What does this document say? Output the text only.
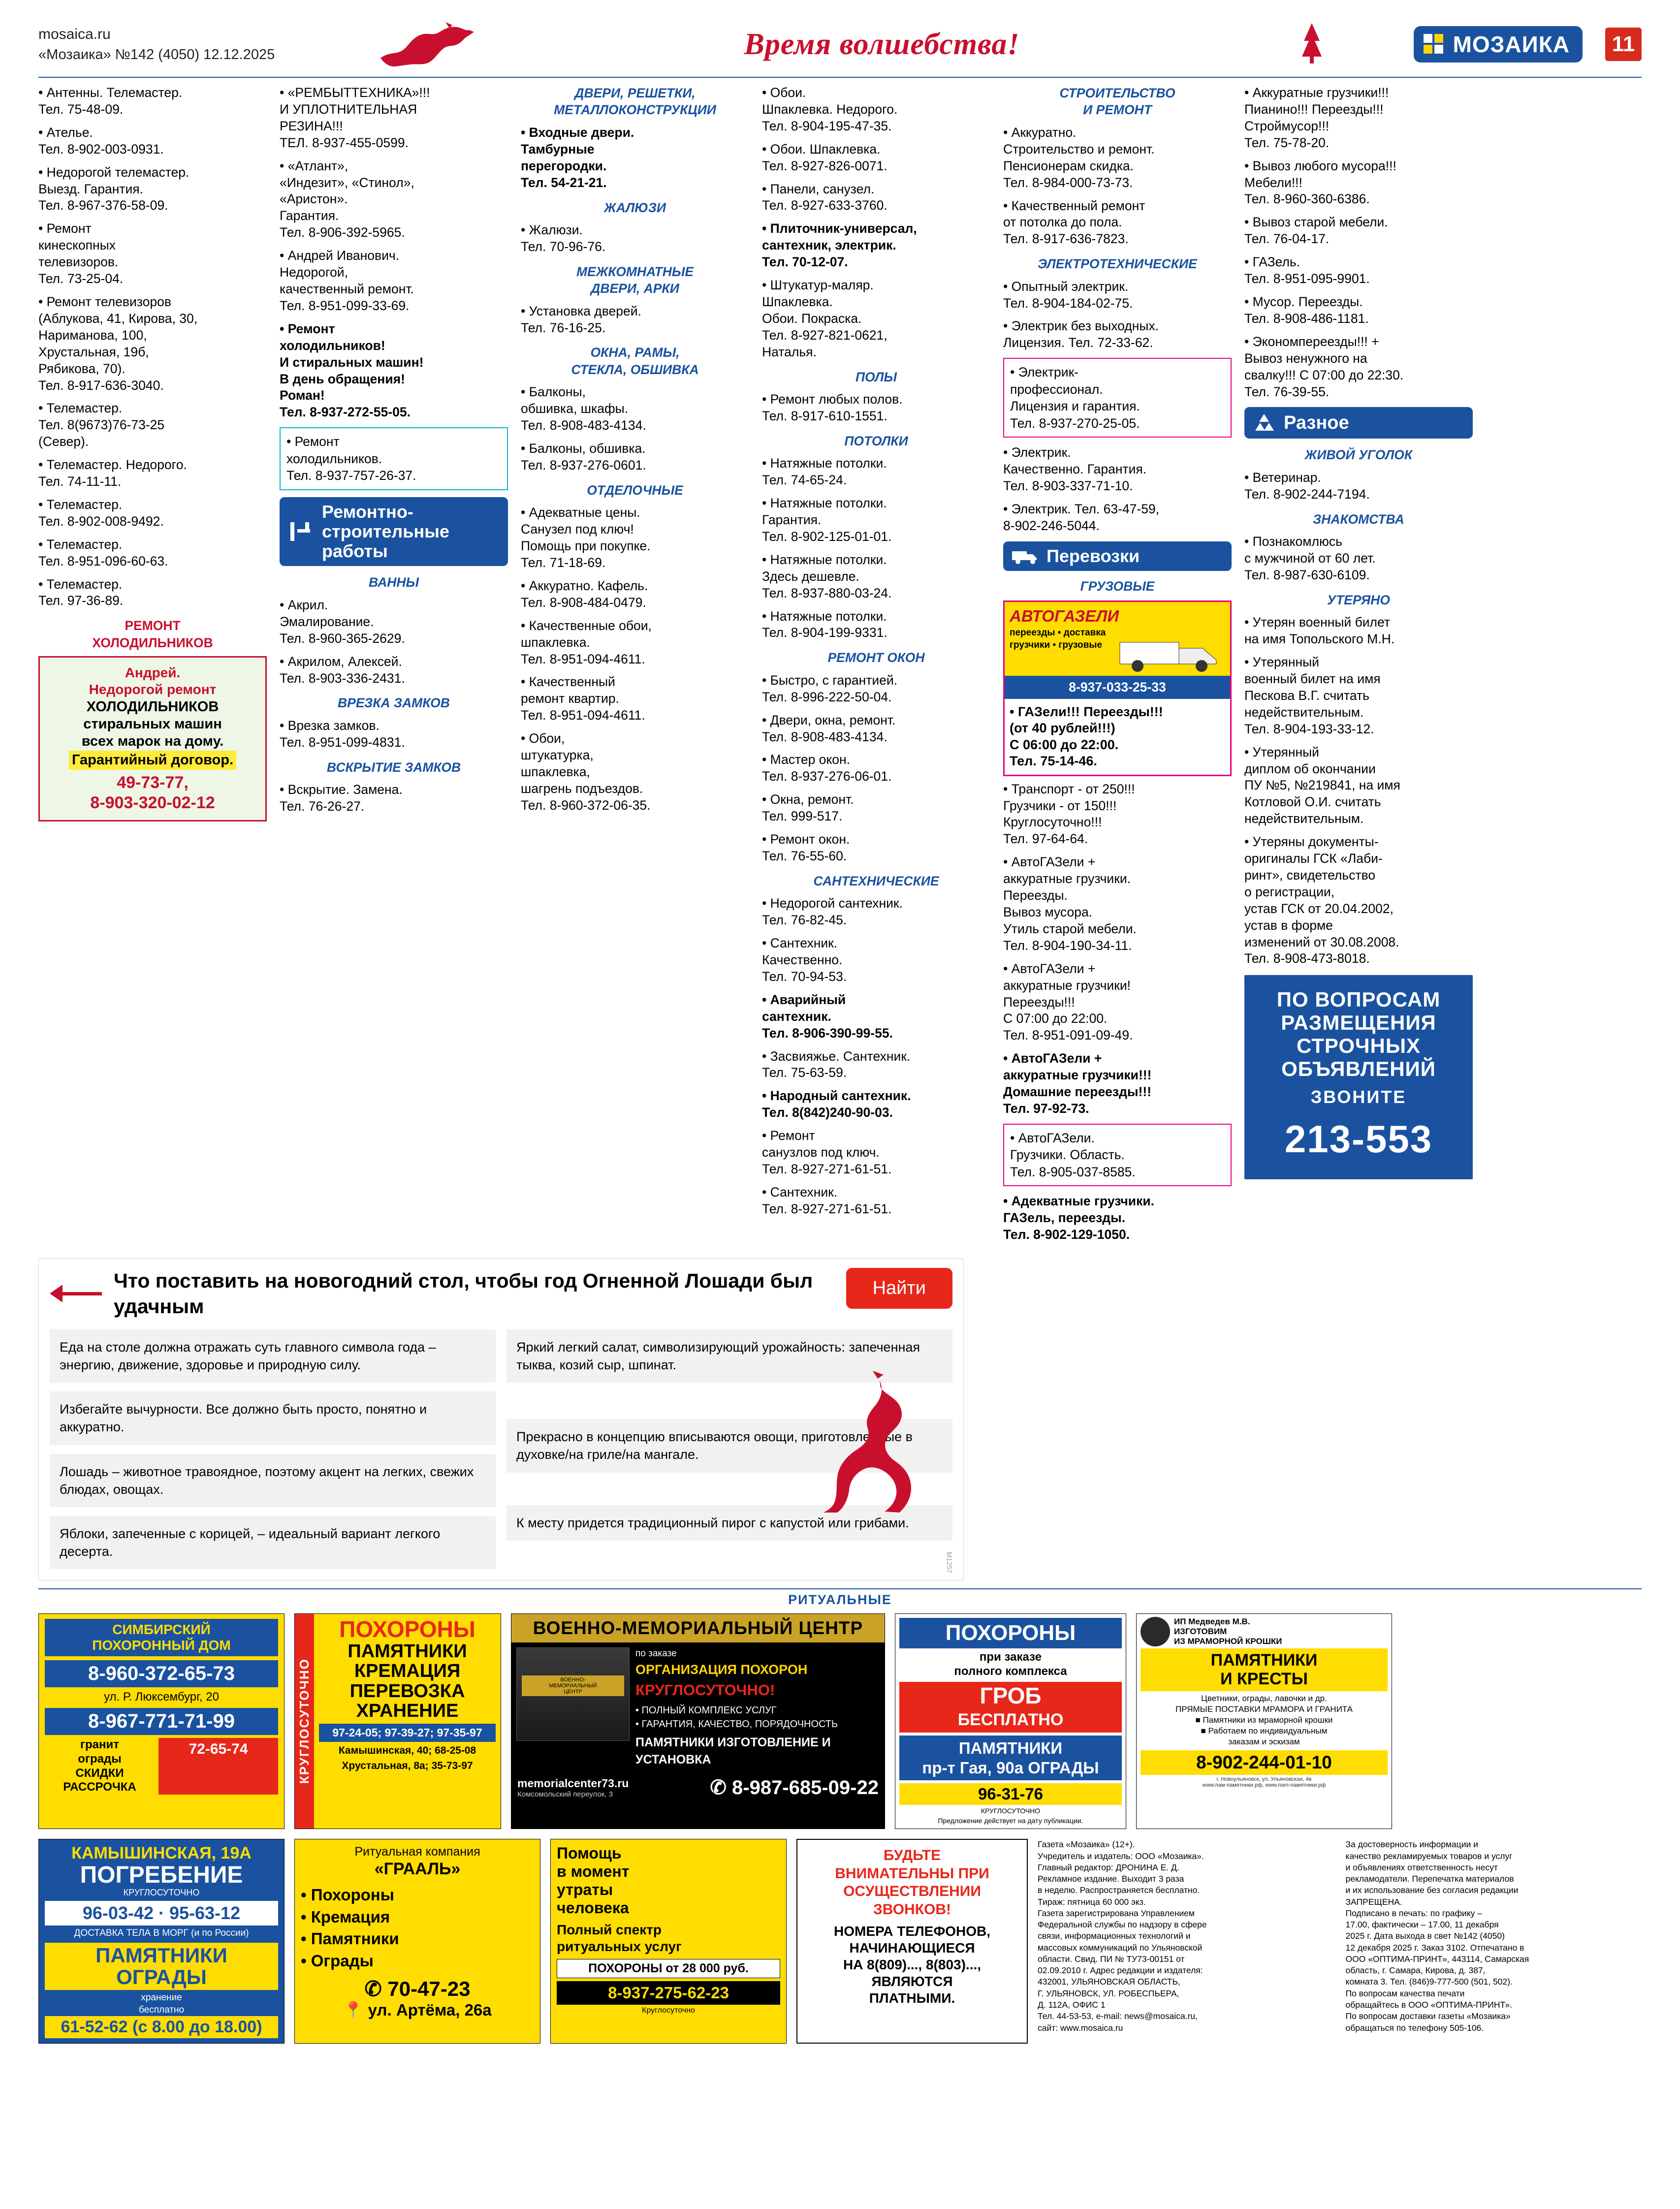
mosaica.ru
«Мозаика» №142 (4050) 12.12.2025	Время волшебства!	МОЗАИКА	11
• Антенны. Телемастер.
Тел. 75-48-09.
• Ателье.
Тел. 8-902-003-0931.
• Недорогой телемастер.
Выезд. Гарантия.
Тел. 8-967-376-58-09.
• Ремонт
кинескопных
телевизоров.
Тел. 73-25-04.
• Ремонт телевизоров
(Аблукова, 41, Кирова, 30,
Нариманова, 100,
Хрустальная, 19б,
Рябикова, 70).
Тел. 8-917-636-3040.
• Телемастер.
Тел. 8(9673)76-73-25
(Север).
• Телемастер. Недорого.
Тел. 74-11-11.
• Телемастер.
Тел. 8-902-008-9492.
• Телемастер.
Тел. 8-951-096-60-63.
• Телемастер.
Тел. 97-36-89.
РЕМОНТ
ХОЛОДИЛЬНИКОВ
Андрей.
Недорогой ремонт
ХОЛОДИЛЬНИКОВ
стиральных машин
всех марок на дому.
Гарантийный договор.
49-73-77,
8-903-320-02-12
• «РЕМБЫТТЕХНИКА»!!!
И УПЛОТНИТЕЛЬНАЯ
РЕЗИНА!!!
ТЕЛ. 8-937-455-0599.
• «Атлант»,
«Индезит», «Стинол»,
«Аристон».
Гарантия.
Тел. 8-906-392-5965.
• Андрей Иванович.
Недорогой,
качественный ремонт.
Тел. 8-951-099-33-69.
• Ремонт
холодильников!
И стиральных машин!
В день обращения!
Роман!
Тел. 8-937-272-55-05.
• Ремонт
холодильников.
Тел. 8-937-757-26-37.
Ремонтно-
строительные
работы
ВАННЫ
• Акрил.
Эмалирование.
Тел. 8-960-365-2629.
• Акрилом, Алексей.
Тел. 8-903-336-2431.
ВРЕЗКА ЗАМКОВ
• Врезка замков.
Тел. 8-951-099-4831.
ВСКРЫТИЕ ЗАМКОВ
• Вскрытие. Замена.
Тел. 76-26-27.
ДВЕРИ, РЕШЕТКИ,
МЕТАЛЛОКОНСТРУКЦИИ
• Входные двери.
Тамбурные
перегородки.
Тел. 54-21-21.
ЖАЛЮЗИ
• Жалюзи.
Тел. 70-96-76.
МЕЖКОМНАТНЫЕ
ДВЕРИ, АРКИ
• Установка дверей.
Тел. 76-16-25.
ОКНА, РАМЫ,
СТЕКЛА, ОБШИВКА
• Балконы,
обшивка, шкафы.
Тел. 8-908-483-4134.
• Балконы, обшивка.
Тел. 8-937-276-0601.
ОТДЕЛОЧНЫЕ
• Адекватные цены.
Санузел под ключ!
Помощь при покупке.
Тел. 71-18-69.
• Аккуратно. Кафель.
Тел. 8-908-484-0479.
• Качественные обои,
шпаклевка.
Тел. 8-951-094-4611.
• Качественный
ремонт квартир.
Тел. 8-951-094-4611.
• Обои,
штукатурка,
шпаклевка,
шагрень подъездов.
Тел. 8-960-372-06-35.
• Обои.
Шпаклевка. Недорого.
Тел. 8-904-195-47-35.
• Обои. Шпаклевка.
Тел. 8-927-826-0071.
• Панели, санузел.
Тел. 8-927-633-3760.
• Плиточник-универсал,
сантехник, электрик.
Тел. 70-12-07.
• Штукатур-маляр.
Шпаклевка.
Обои. Покраска.
Тел. 8-927-821-0621,
Наталья.
ПОЛЫ
• Ремонт любых полов.
Тел. 8-917-610-1551.
ПОТОЛКИ
• Натяжные потолки.
Тел. 74-65-24.
• Натяжные потолки.
Гарантия.
Тел. 8-902-125-01-01.
• Натяжные потолки.
Здесь дешевле.
Тел. 8-937-880-03-24.
• Натяжные потолки.
Тел. 8-904-199-9331.
РЕМОНТ ОКОН
• Быстро, с гарантией.
Тел. 8-996-222-50-04.
• Двери, окна, ремонт.
Тел. 8-908-483-4134.
• Мастер окон.
Тел. 8-937-276-06-01.
• Окна, ремонт.
Тел. 999-517.
• Ремонт окон.
Тел. 76-55-60.
САНТЕХНИЧЕСКИЕ
• Недорогой сантехник.
Тел. 76-82-45.
• Сантехник.
Качественно.
Тел. 70-94-53.
• Аварийный
сантехник.
Тел. 8-906-390-99-55.
• Засвияжье. Сантехник.
Тел. 75-63-59.
• Народный сантехник.
Тел. 8(842)240-90-03.
• Ремонт
санузлов под ключ.
Тел. 8-927-271-61-51.
• Сантехник.
Тел. 8-927-271-61-51.
СТРОИТЕЛЬСТВО
И РЕМОНТ
• Аккуратно.
Строительство и ремонт.
Пенсионерам скидка.
Тел. 8-984-000-73-73.
• Качественный ремонт
от потолка до пола.
Тел. 8-917-636-7823.
ЭЛЕКТРОТЕХНИЧЕСКИЕ
• Опытный электрик.
Тел. 8-904-184-02-75.
• Электрик без выходных.
Лицензия. Тел. 72-33-62.
• Электрик-
профессионал.
Лицензия и гарантия.
Тел. 8-937-270-25-05.
• Электрик.
Качественно. Гарантия.
Тел. 8-903-337-71-10.
• Электрик. Тел. 63-47-59,
8-902-246-5044.
Перевозки
ГРУЗОВЫЕ
АВТОГАЗЕЛИ
переезды • доставка
грузчики • грузовые
8-937-033-25-33
• ГАЗели!!! Переезды!!!
(от 40 рублей!!!)
С 06:00 до 22:00.
Тел. 75-14-46.
• Транспорт - от 250!!!
Грузчики - от 150!!!
Круглосуточно!!!
Тел. 97-64-64.
• АвтоГАЗели +
аккуратные грузчики.
Переезды.
Вывоз мусора.
Утиль старой мебели.
Тел. 8-904-190-34-11.
• АвтоГАЗели +
аккуратные грузчики!
Переезды!!!
С 07:00 до 22:00.
Тел. 8-951-091-09-49.
• АвтоГАЗели +
аккуратные грузчики!!!
Домашние переезды!!!
Тел. 97-92-73.
• АвтоГАЗели.
Грузчики. Область.
Тел. 8-905-037-8585.
• Адекватные грузчики.
ГАЗель, переезды.
Тел. 8-902-129-1050.
• Аккуратные грузчики!!!
Пианино!!! Переезды!!!
Строймусор!!!
Тел. 75-78-20.
• Вывоз любого мусора!!!
Мебели!!!
Тел. 8-960-360-6386.
• Вывоз старой мебели.
Тел. 76-04-17.
• ГАЗель.
Тел. 8-951-095-9901.
• Мусор. Переезды.
Тел. 8-908-486-1181.
• Экономпереезды!!! +
Вывоз ненужного на
свалку!!! С 07:00 до 22:30.
Тел. 76-39-55.
Разное
ЖИВОЙ УГОЛОК
• Ветеринар.
Тел. 8-902-244-7194.
ЗНАКОМСТВА
• Познакомлюсь
с мужчиной от 60 лет.
Тел. 8-987-630-6109.
УТЕРЯНО
• Утерян военный билет
на имя Топольского М.Н.
• Утерянный
военный билет на имя
Пескова В.Г. считать
недействительным.
Тел. 8-904-193-33-12.
• Утерянный
диплом об окончании
ПУ №5, №219841, на имя
Котловой О.И. считать
недействительным.
• Утеряны документы-
оригиналы ГСК «Лаби-
ринт», свидетельство
о регистрации,
устав ГСК от 20.04.2002,
устав в форме
изменений от 30.08.2008.
Тел. 8-908-473-8018.
ПО ВОПРОСАМ
РАЗМЕЩЕНИЯ
СТРОЧНЫХ
ОБЪЯВЛЕНИЙ
ЗВОНИТЕ
213-553
Что поставить на новогодний стол, чтобы год Огненной Лошади был удачным
Найти
Еда на столе должна отражать суть главного символа года – энергию, движение, здоровье и природную силу.
Избегайте вычурности. Все должно быть просто, понятно и аккуратно.
Лошадь – животное травоядное, поэтому акцент на легких, свежих блюдах, овощах.
Яблоки, запеченные с корицей, – идеальный вариант легкого десерта.
Яркий легкий салат, символизирующий урожайность: запеченная тыква, козий сыр, шпинат.
Прекрасно в концепцию вписываются овощи, приготовленные в духовке/на гриле/на мангале.
К месту придется традиционный пирог с капустой или грибами.
М1257
РИТУАЛЬНЫЕ
СИМБИРСКИЙ
ПОХОРОННЫЙ ДОМ
8-960-372-65-73
ул. Р. Люксембург, 20
8-967-771-71-99
гранит
ограды
СКИДКИ РАССРОЧКА
72-65-74	КРУГЛОСУТОЧНО
ПОХОРОНЫ
ПАМЯТНИКИ
КРЕМАЦИЯ
ПЕРЕВОЗКА
ХРАНЕНИЕ
97-24-05; 97-39-27; 97-35-97
Камышинская, 40; 68-25-08
Хрустальная, 8а; 35-73-97
ВОЕННО-МЕМОРИАЛЬНЫЙ ЦЕНТР
ВОЕННО-
МЕМОРИАЛЬНЫЙ
ЦЕНТР
по заказе
ОРГАНИЗАЦИЯ ПОХОРОН
КРУГЛОСУТОЧНО!
• ПОЛНЫЙ КОМПЛЕКС УСЛУГ
• ГАРАНТИЯ, КАЧЕСТВО, ПОРЯДОЧНОСТЬ
ПАМЯТНИКИ ИЗГОТОВЛЕНИЕ И УСТАНОВКА
memorialcenter73.ru
Комсомольский переулок, 3	✆ 8-987-685-09-22
ПОХОРОНЫ
при заказе
полного комплекса
ГРОБ
БЕСПЛАТНО
ПАМЯТНИКИ
пр-т Гая, 90а ОГРАДЫ
96-31-76
КРУГЛОСУТОЧНО
Предложение действует на дату публикации.
ИП Медведев М.В.
ИЗГОТОВИМ
ИЗ МРАМОРНОЙ КРОШКИ
ПАМЯТНИКИ
И КРЕСТЫ
Цветники, ограды, лавочки и др.
ПРЯМЫЕ ПОСТАВКИ МРАМОРА И ГРАНИТА
■ Памятники из мраморной крошки
■ Работаем по индивидуальным
заказам и эскизам
8-902-244-01-10
г. Новоульяновск, ул. Ульяновская, 4в
www.пам-памятники.рф, www.паm-памятники.рф
КАМЫШИНСКАЯ, 19А
ПОГРЕБЕНИЕ
КРУГЛОСУТОЧНО
96-03-42 · 95-63-12
ДОСТАВКА ТЕЛА В МОРГ (и по России)
ПАМЯТНИКИ
ОГРАДЫ
хранение
бесплатно
61-52-62 (с 8.00 до 18.00)
Ритуальная компания
«ГРААЛЬ»
• Похороны
• Кремация
• Памятники
• Ограды
✆ 70-47-23
📍 ул. Артёма, 26а
Помощь
в момент
утраты
человека
Полный спектр
ритуальных услуг
ПОХОРОНЫ от 28 000 руб.
8-937-275-62-23
Круглосуточно
БУДЬТЕ
ВНИМАТЕЛЬНЫ ПРИ
ОСУЩЕСТВЛЕНИИ
ЗВОНКОВ!
НОМЕРА ТЕЛЕФОНОВ,
НАЧИНАЮЩИЕСЯ
НА 8(809)..., 8(803)...,
ЯВЛЯЮТСЯ
ПЛАТНЫМИ.
Газета «Мозаика» (12+).
Учредитель и издатель: ООО «Мозаика».
Главный редактор: ДРОНИНА Е. Д.
Рекламное издание. Выходит 3 раза
в неделю. Распространяется бесплатно.
Тираж: пятница 60 000 экз.
Газета зарегистрирована Управлением
Федеральной службы по надзору в сфере
связи, информационных технологий и
массовых коммуникаций по Ульяновской
области. Свид. ПИ № ТУ73-00151 от
02.09.2010 г. Адрес редакции и издателя:
432001, УЛЬЯНОВСКАЯ ОБЛАСТЬ,
Г. УЛЬЯНОВСК, УЛ. РОБЕСПЬЕРА,
Д. 112А, ОФИС 1
Тел. 44-53-53, e-mail: news@mosaica.ru,
сайт: www.mosaica.ru
За достоверность информации и
качество рекламируемых товаров и услуг
и объявлениях ответственность несут
рекламодатели. Перепечатка материалов
и их использование без согласия редакции
ЗАПРЕЩЕНА.
Подписано в печать: по графику –
17.00, фактически – 17.00, 11 декабря
2025 г. Дата выхода в свет №142 (4050)
12 декабря 2025 г. Заказ 3102. Отпечатано в
ООО «ОПТИМА-ПРИНТ», 443114, Самарская
область, г. Самара, Кирова, д. 387,
комната 3. Тел. (846)9-777-500 (501, 502).
По вопросам качества печати
обращайтесь в ООО «ОПТИМА-ПРИНТ».
По вопросам доставки газеты «Мозаика»
обращаться по телефону 505-106.
